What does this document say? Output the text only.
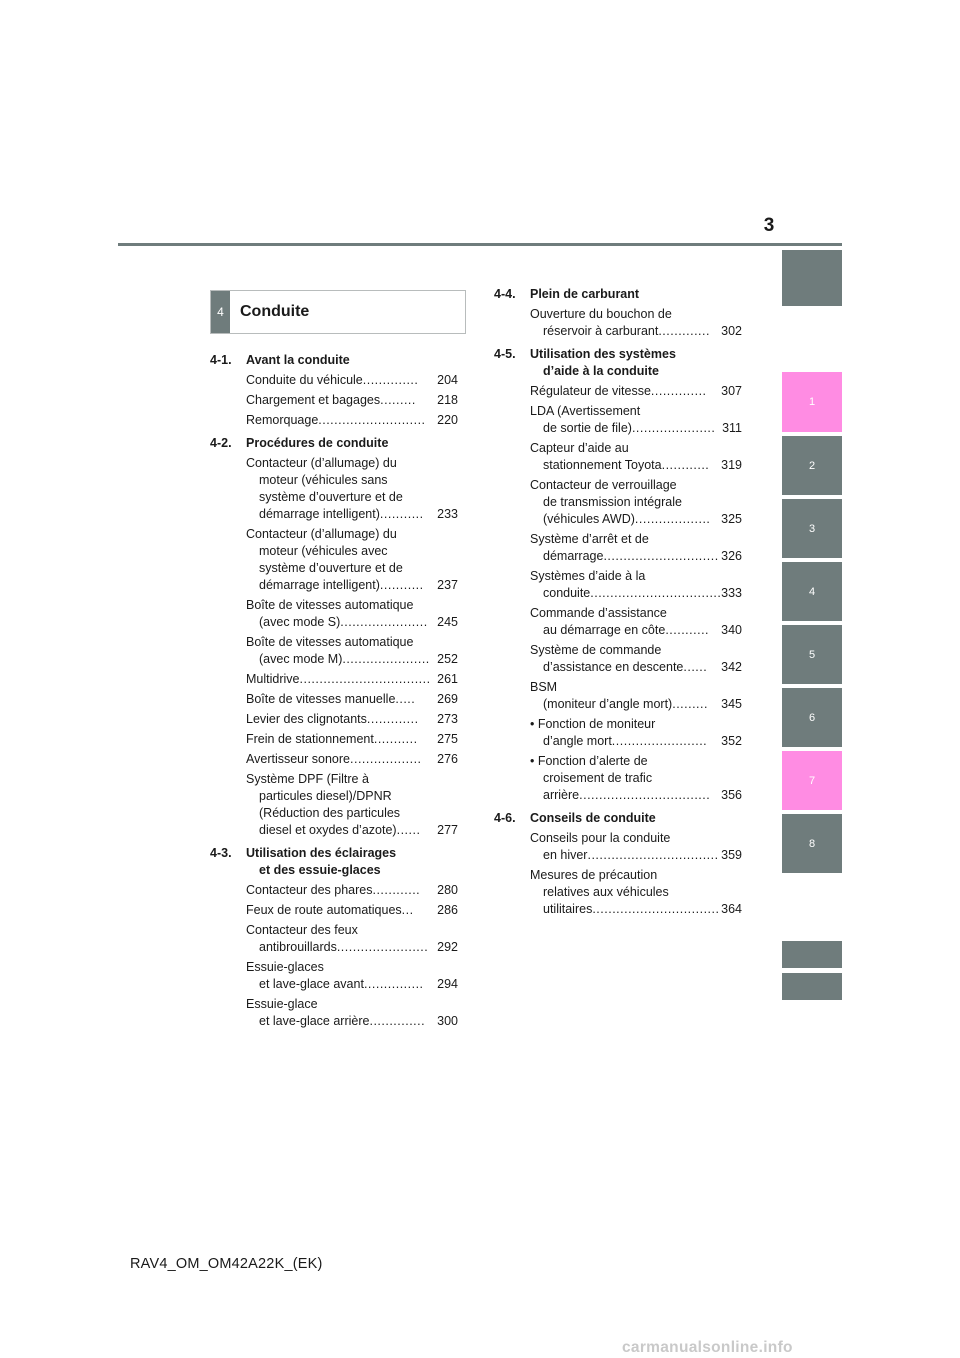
3
1
2
3
4
5
6
7
8
4	Conduite
4-1.	Avant la conduite
Conduite du véhicule ..............	204
Chargement et bagages .........	218
Remorquage ........................... 220
4-2.	Procédures de conduite
Contacteur (d’allumage) du
moteur (véhicules sans
système d’ouverture et de
démarrage intelligent) ...........	233
Contacteur (d’allumage) du
moteur (véhicules avec
système d’ouverture et de
démarrage intelligent) ...........	237
Boîte de vitesses automatique
(avec mode S) ...................... 245
Boîte de vitesses automatique
(avec mode M) ...................... 252
Multidrive ................................. 261
Boîte de vitesses manuelle .....	269
Levier des clignotants .............	273
Frein de stationnement ...........	275
Avertisseur sonore ..................	276
Système DPF (Filtre à
particules diesel)/DPNR
(Réduction des particules
diesel et oxydes d’azote) ......	277
4-3.	Utilisation des éclairages
et des essuie-glaces
Contacteur des phares ............	280
Feux de route automatiques ...	286
Contacteur des feux
antibrouillards ....................... 292
Essuie-glaces
et lave-glace avant ...............	294
Essuie-glace
et lave-glace arrière .............. 300
4-4.	Plein de carburant
Ouverture du bouchon de
réservoir à carburant ............. 302
4-5.	Utilisation des systèmes
d’aide à la conduite
Régulateur de vitesse ..............	307
LDA (Avertissement
de sortie de file) ..................... 311
Capteur d’aide au
stationnement Toyota ............ 319
Contacteur de verrouillage
de transmission intégrale
(véhicules AWD) ................... 325
Système d’arrêt et de
démarrage ............................. 326
Systèmes d’aide à la
conduite ................................. 333
Commande d’assistance
au démarrage en côte ........... 340
Système de commande
d’assistance en descente ......	342
BSM
(moniteur d’angle mort) .........	345
• Fonction de moniteur
d’angle mort ........................	352
• Fonction d’alerte de
croisement de trafic
arrière ................................. 356
4-6.	Conseils de conduite
Conseils pour la conduite
en hiver ................................. 359
Mesures de précaution
relatives aux véhicules
utilitaires ................................ 364
RAV4_OM_OM42A22K_(EK)
carmanualsonline.info
